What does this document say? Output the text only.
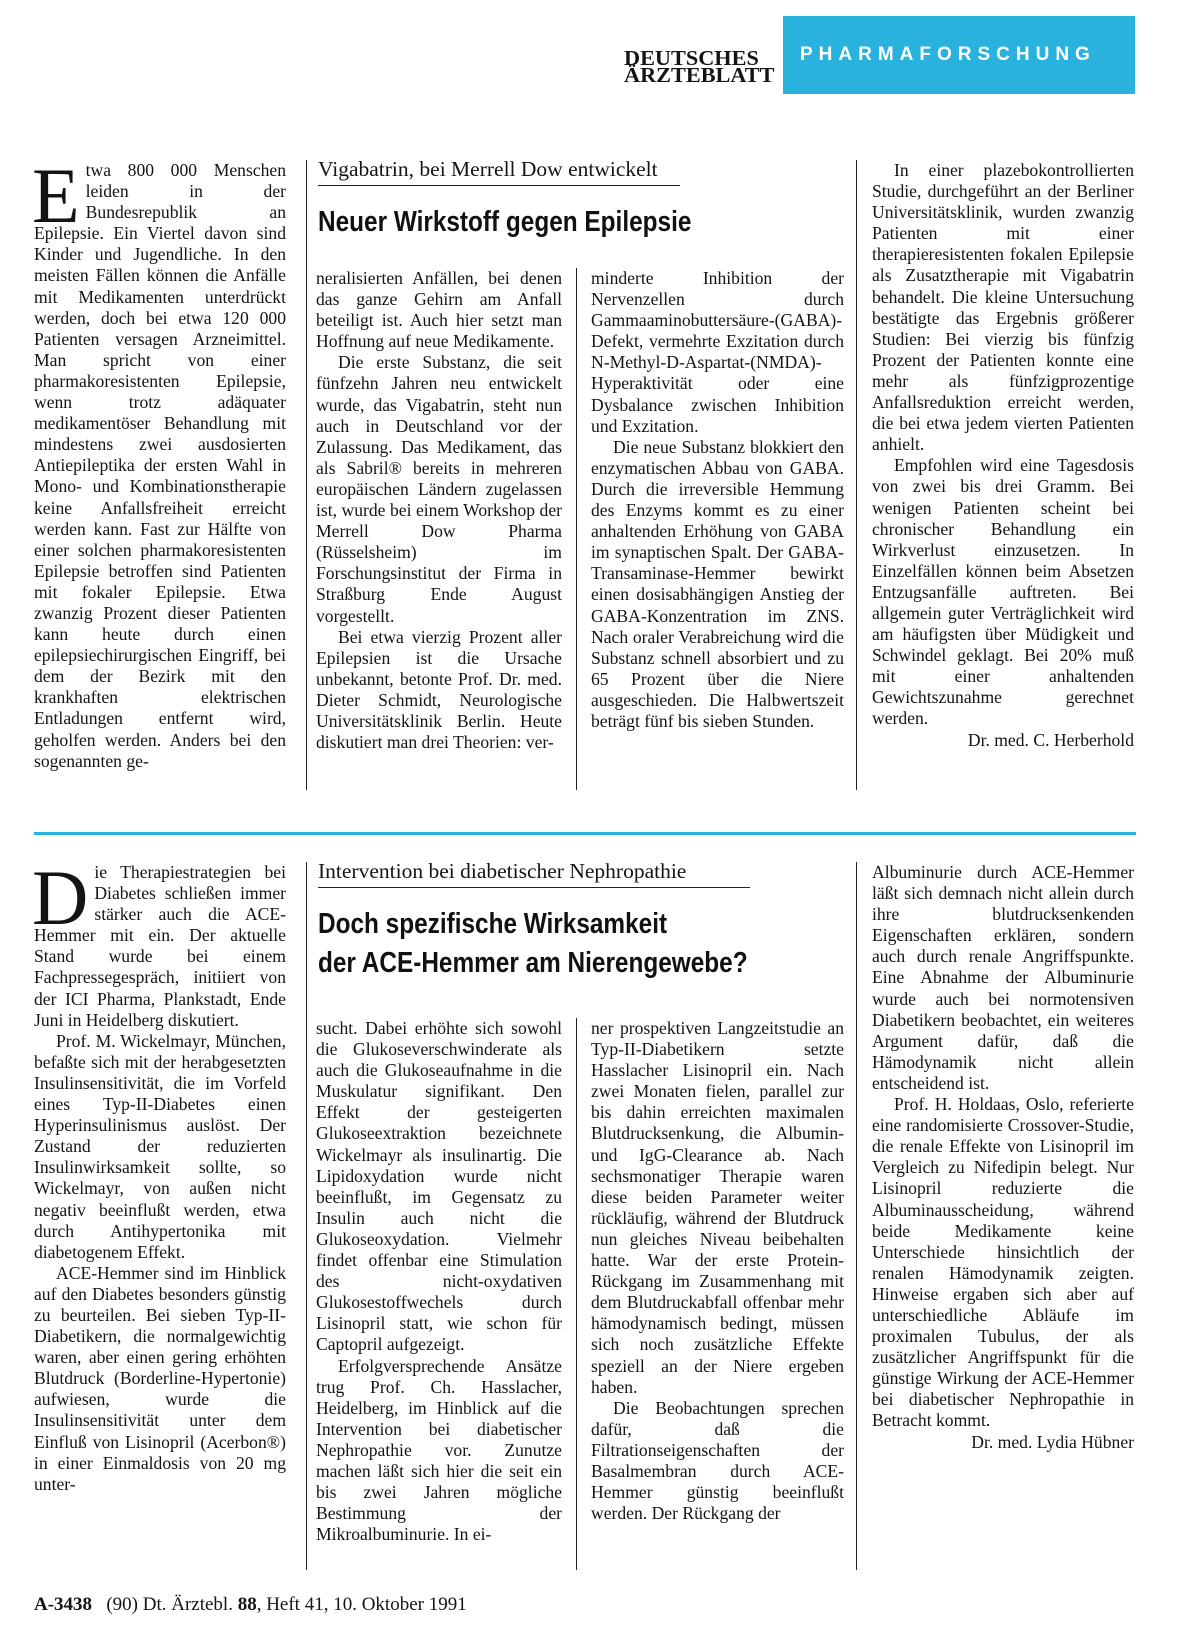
DEUTSCHES
ÄRZTEBLATT
PHARMAFORSCHUNG

Etwa 800 000 Menschen leiden in der Bundesrepublik an Epilepsie. Ein Viertel davon sind Kinder und Jugendliche. In den meisten Fällen können die Anfälle mit Medikamenten unterdrückt werden, doch bei etwa 120 000 Patienten versagen Arzneimittel. Man spricht von einer pharmakoresistenten Epilepsie, wenn trotz adäquater medikamentöser Behandlung mit mindestens zwei ausdosierten Antiepileptika der ersten Wahl in Mono- und Kombinationstherapie keine Anfallsfreiheit erreicht werden kann. Fast zur Hälfte von einer solchen pharmakoresistenten Epilepsie betroffen sind Patienten mit fokaler Epilepsie. Etwa zwanzig Prozent dieser Patienten kann heute durch einen epilepsiechirurgischen Eingriff, bei dem der Bezirk mit den krankhaften elektrischen Entladungen entfernt wird, geholfen werden. Anders bei den sogenannten ge-

Vigabatrin, bei Merrell Dow entwickelt
Neuer Wirkstoff gegen Epilepsie

neralisierten Anfällen, bei denen das ganze Gehirn am Anfall beteiligt ist. Auch hier setzt man Hoffnung auf neue Medikamente.

Die erste Substanz, die seit fünfzehn Jahren neu entwickelt wurde, das Vigabatrin, steht nun auch in Deutschland vor der Zulassung. Das Medikament, das als Sabril® bereits in mehreren europäischen Ländern zugelassen ist, wurde bei einem Workshop der Merrell Dow Pharma (Rüsselsheim) im Forschungsinstitut der Firma in Straßburg Ende August vorgestellt.

Bei etwa vierzig Prozent aller Epilepsien ist die Ursache unbekannt, betonte Prof. Dr. med. Dieter Schmidt, Neurologische Universitätsklinik Berlin. Heute diskutiert man drei Theorien: ver-

minderte Inhibition der Nervenzellen durch Gammaaminobuttersäure-(GABA)-Defekt, vermehrte Exzitation durch N-Methyl-D-Aspartat-(NMDA)-Hyperaktivität oder eine Dysbalance zwischen Inhibition und Exzitation.

Die neue Substanz blokkiert den enzymatischen Abbau von GABA. Durch die irreversible Hemmung des Enzyms kommt es zu einer anhaltenden Erhöhung von GABA im synaptischen Spalt. Der GABA-Transaminase-Hemmer bewirkt einen dosisabhängigen Anstieg der GABA-Konzentration im ZNS. Nach oraler Verabreichung wird die Substanz schnell absorbiert und zu 65 Prozent über die Niere ausgeschieden. Die Halbwertszeit beträgt fünf bis sieben Stunden.

In einer plazebokontrollierten Studie, durchgeführt an der Berliner Universitätsklinik, wurden zwanzig Patienten mit einer therapieresistenten fokalen Epilepsie als Zusatztherapie mit Vigabatrin behandelt. Die kleine Untersuchung bestätigte das Ergebnis größerer Studien: Bei vierzig bis fünfzig Prozent der Patienten konnte eine mehr als fünfzigprozentige Anfallsreduktion erreicht werden, die bei etwa jedem vierten Patienten anhielt.

Empfohlen wird eine Tagesdosis von zwei bis drei Gramm. Bei wenigen Patienten scheint bei chronischer Behandlung ein Wirkverlust einzusetzen. In Einzelfällen können beim Absetzen Entzugsanfälle auftreten. Bei allgemein guter Verträglichkeit wird am häufigsten über Müdigkeit und Schwindel geklagt. Bei 20% muß mit einer anhaltenden Gewichtszunahme gerechnet werden.

Dr. med. C. Herberhold

Die Therapiestrategien bei Diabetes schließen immer stärker auch die ACE-Hemmer mit ein. Der aktuelle Stand wurde bei einem Fachpressegespräch, initiiert von der ICI Pharma, Plankstadt, Ende Juni in Heidelberg diskutiert.

Prof. M. Wickelmayr, München, befaßte sich mit der herabgesetzten Insulinsensitivität, die im Vorfeld eines Typ-II-Diabetes einen Hyperinsulinismus auslöst. Der Zustand der reduzierten Insulinwirksamkeit sollte, so Wickelmayr, von außen nicht negativ beeinflußt werden, etwa durch Antihypertonika mit diabetogenem Effekt.

ACE-Hemmer sind im Hinblick auf den Diabetes besonders günstig zu beurteilen. Bei sieben Typ-II-Diabetikern, die normalgewichtig waren, aber einen gering erhöhten Blutdruck (Borderline-Hypertonie) aufwiesen, wurde die Insulinsensitivität unter dem Einfluß von Lisinopril (Acerbon®) in einer Einmaldosis von 20 mg unter-

Intervention bei diabetischer Nephropathie
Doch spezifische Wirksamkeit
der ACE-Hemmer am Nierengewebe?

sucht. Dabei erhöhte sich sowohl die Glukoseverschwinderate als auch die Glukoseaufnahme in die Muskulatur signifikant. Den Effekt der gesteigerten Glukoseextraktion bezeichnete Wickelmayr als insulinartig. Die Lipidoxydation wurde nicht beeinflußt, im Gegensatz zu Insulin auch nicht die Glukoseoxydation. Vielmehr findet offenbar eine Stimulation des nicht-oxydativen Glukosestoffwechels durch Lisinopril statt, wie schon für Captopril aufgezeigt.

Erfolgversprechende Ansätze trug Prof. Ch. Hasslacher, Heidelberg, im Hinblick auf die Intervention bei diabetischer Nephropathie vor. Zunutze machen läßt sich hier die seit ein bis zwei Jahren mögliche Bestimmung der Mikroalbuminurie. In ei-

ner prospektiven Langzeitstudie an Typ-II-Diabetikern setzte Hasslacher Lisinopril ein. Nach zwei Monaten fielen, parallel zur bis dahin erreichten maximalen Blutdrucksenkung, die Albumin- und IgG-Clearance ab. Nach sechsmonatiger Therapie waren diese beiden Parameter weiter rückläufig, während der Blutdruck nun gleiches Niveau beibehalten hatte. War der erste Protein-Rückgang im Zusammenhang mit dem Blutdruckabfall offenbar mehr hämodynamisch bedingt, müssen sich noch zusätzliche Effekte speziell an der Niere ergeben haben.

Die Beobachtungen sprechen dafür, daß die Filtrationseigenschaften der Basalmembran durch ACE-Hemmer günstig beeinflußt werden. Der Rückgang der

Albuminurie durch ACE-Hemmer läßt sich demnach nicht allein durch ihre blutdrucksenkenden Eigenschaften erklären, sondern auch durch renale Angriffspunkte. Eine Abnahme der Albuminurie wurde auch bei normotensiven Diabetikern beobachtet, ein weiteres Argument dafür, daß die Hämodynamik nicht allein entscheidend ist.

Prof. H. Holdaas, Oslo, referierte eine randomisierte Crossover-Studie, die renale Effekte von Lisinopril im Vergleich zu Nifedipin belegt. Nur Lisinopril reduzierte die Albuminausscheidung, während beide Medikamente keine Unterschiede hinsichtlich der renalen Hämodynamik zeigten. Hinweise ergaben sich aber auf unterschiedliche Abläufe im proximalen Tubulus, der als zusätzlicher Angriffspunkt für die günstige Wirkung der ACE-Hemmer bei diabetischer Nephropathie in Betracht kommt.

Dr. med. Lydia Hübner

A-3438 (90) Dt. Ärztebl. 88, Heft 41, 10. Oktober 1991
